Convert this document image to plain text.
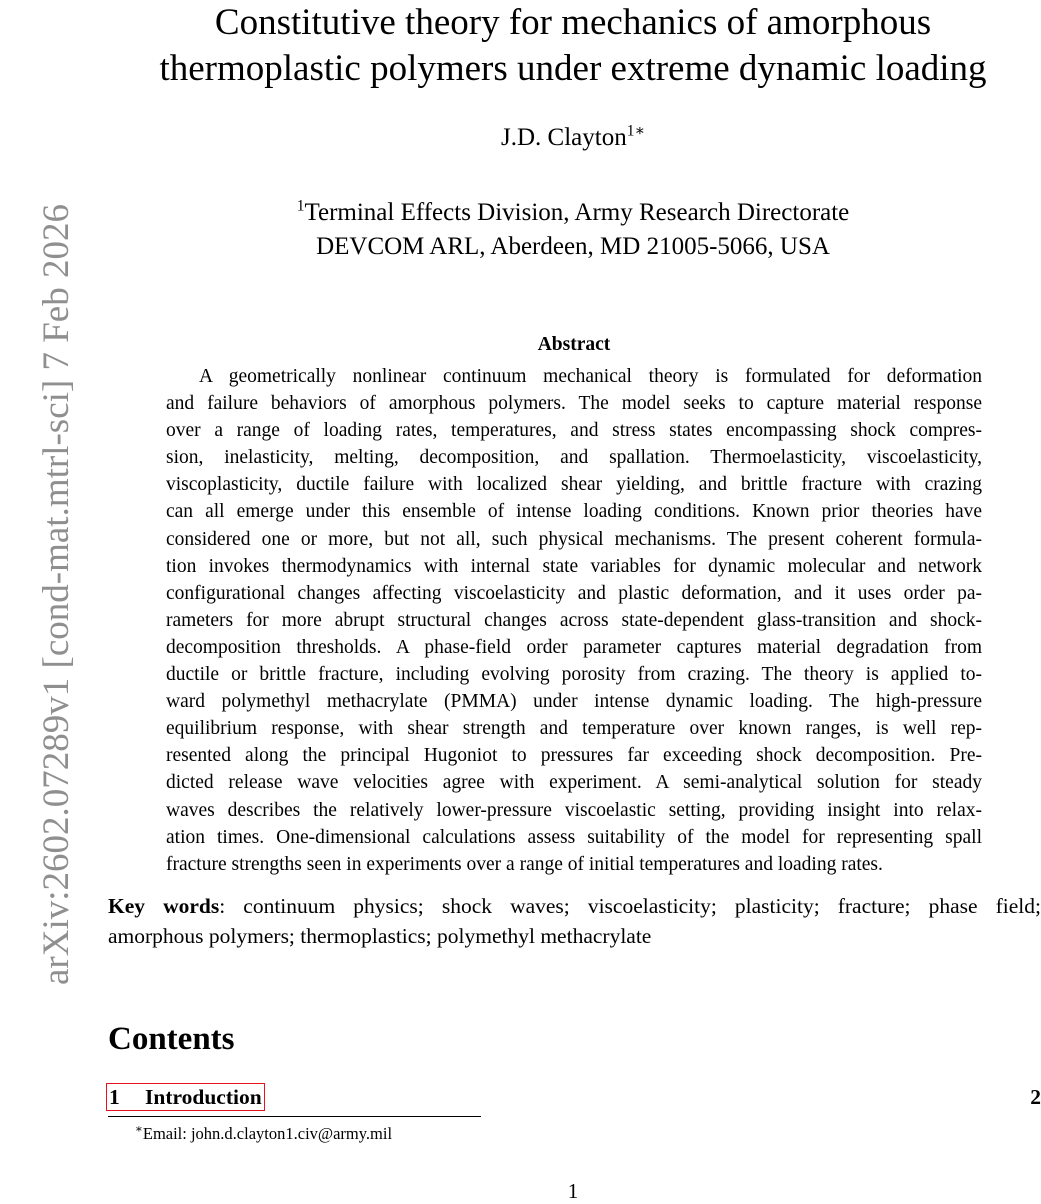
arXiv:2602.07289v1 [cond-mat.mtrl-sci] 7 Feb 2026
Constitutive theory for mechanics of amorphous
thermoplastic polymers under extreme dynamic loading
J.D. Clayton$^{1∗}$
$^1$Terminal Effects Division, Army Research Directorate
DEVCOM ARL, Aberdeen, MD 21005-5066, USA
Abstract
A geometrically nonlinear continuum mechanical theory is formulated for deformation
and failure behaviors of amorphous polymers. The model seeks to capture material response
over a range of loading rates, temperatures, and stress states encompassing shock compres-
sion, inelasticity, melting, decomposition, and spallation. Thermoelasticity, viscoelasticity,
viscoplasticity, ductile failure with localized shear yielding, and brittle fracture with crazing
can all emerge under this ensemble of intense loading conditions. Known prior theories have
considered one or more, but not all, such physical mechanisms. The present coherent formula-
tion invokes thermodynamics with internal state variables for dynamic molecular and network
configurational changes affecting viscoelasticity and plastic deformation, and it uses order pa-
rameters for more abrupt structural changes across state-dependent glass-transition and shock-
decomposition thresholds. A phase-field order parameter captures material degradation from
ductile or brittle fracture, including evolving porosity from crazing. The theory is applied to-
ward polymethyl methacrylate (PMMA) under intense dynamic loading. The high-pressure
equilibrium response, with shear strength and temperature over known ranges, is well rep-
resented along the principal Hugoniot to pressures far exceeding shock decomposition. Pre-
dicted release wave velocities agree with experiment. A semi-analytical solution for steady
waves describes the relatively lower-pressure viscoelastic setting, providing insight into relax-
ation times. One-dimensional calculations assess suitability of the model for representing spall
fracture strengths seen in experiments over a range of initial temperatures and loading rates.
Key words: continuum physics; shock waves; viscoelasticity; plasticity; fracture; phase field;
amorphous polymers; thermoplastics; polymethyl methacrylate
Contents
1 Introduction	2
∗Email: john.d.clayton1.civ@army.mil
1
